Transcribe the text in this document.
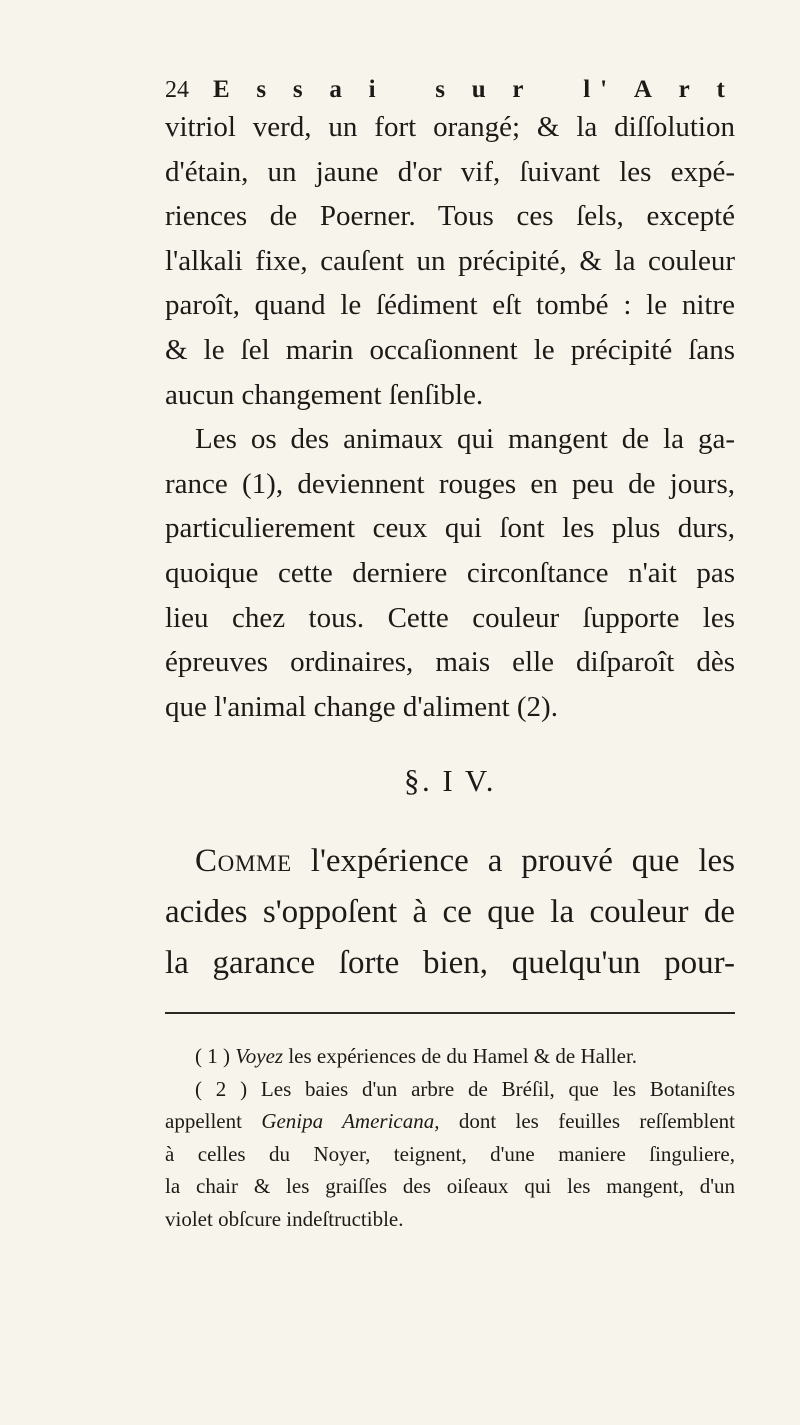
24 E s s a i
s u r
l' A r t
vitriol verd, un fort orangé; & la diſſolution
d'étain, un jaune d'or vif, ſuivant les expé-
riences de Poerner. Tous ces ſels, excepté
l'alkali fixe, cauſent un précipité, & la couleur
paroît, quand le ſédiment eſt tombé : le nitre
& le ſel marin occaſionnent le précipité ſans
aucun changement ſenſible.
Les os des animaux qui mangent de la ga-
rance (1), deviennent rouges en peu de jours,
particulierement ceux qui ſont les plus durs,
quoique cette derniere circonſtance n'ait pas
lieu chez tous. Cette couleur ſupporte les
épreuves ordinaires, mais elle diſparoît dès
que l'animal change d'aliment (2).
§. I V.
Comme l'expérience a prouvé que les
acides s'oppoſent à ce que la couleur de
la garance ſorte bien, quelqu'un pour-
( 1 ) Voyez les expériences de du Hamel & de Haller.
( 2 ) Les baies d'un arbre de Bréſil, que les Botaniſtes
appellent Genipa Americana, dont les feuilles reſſemblent
à celles du Noyer, teignent, d'une maniere ſinguliere,
la chair & les graiſſes des oiſeaux qui les mangent, d'un
violet obſcure indeſtructible.
